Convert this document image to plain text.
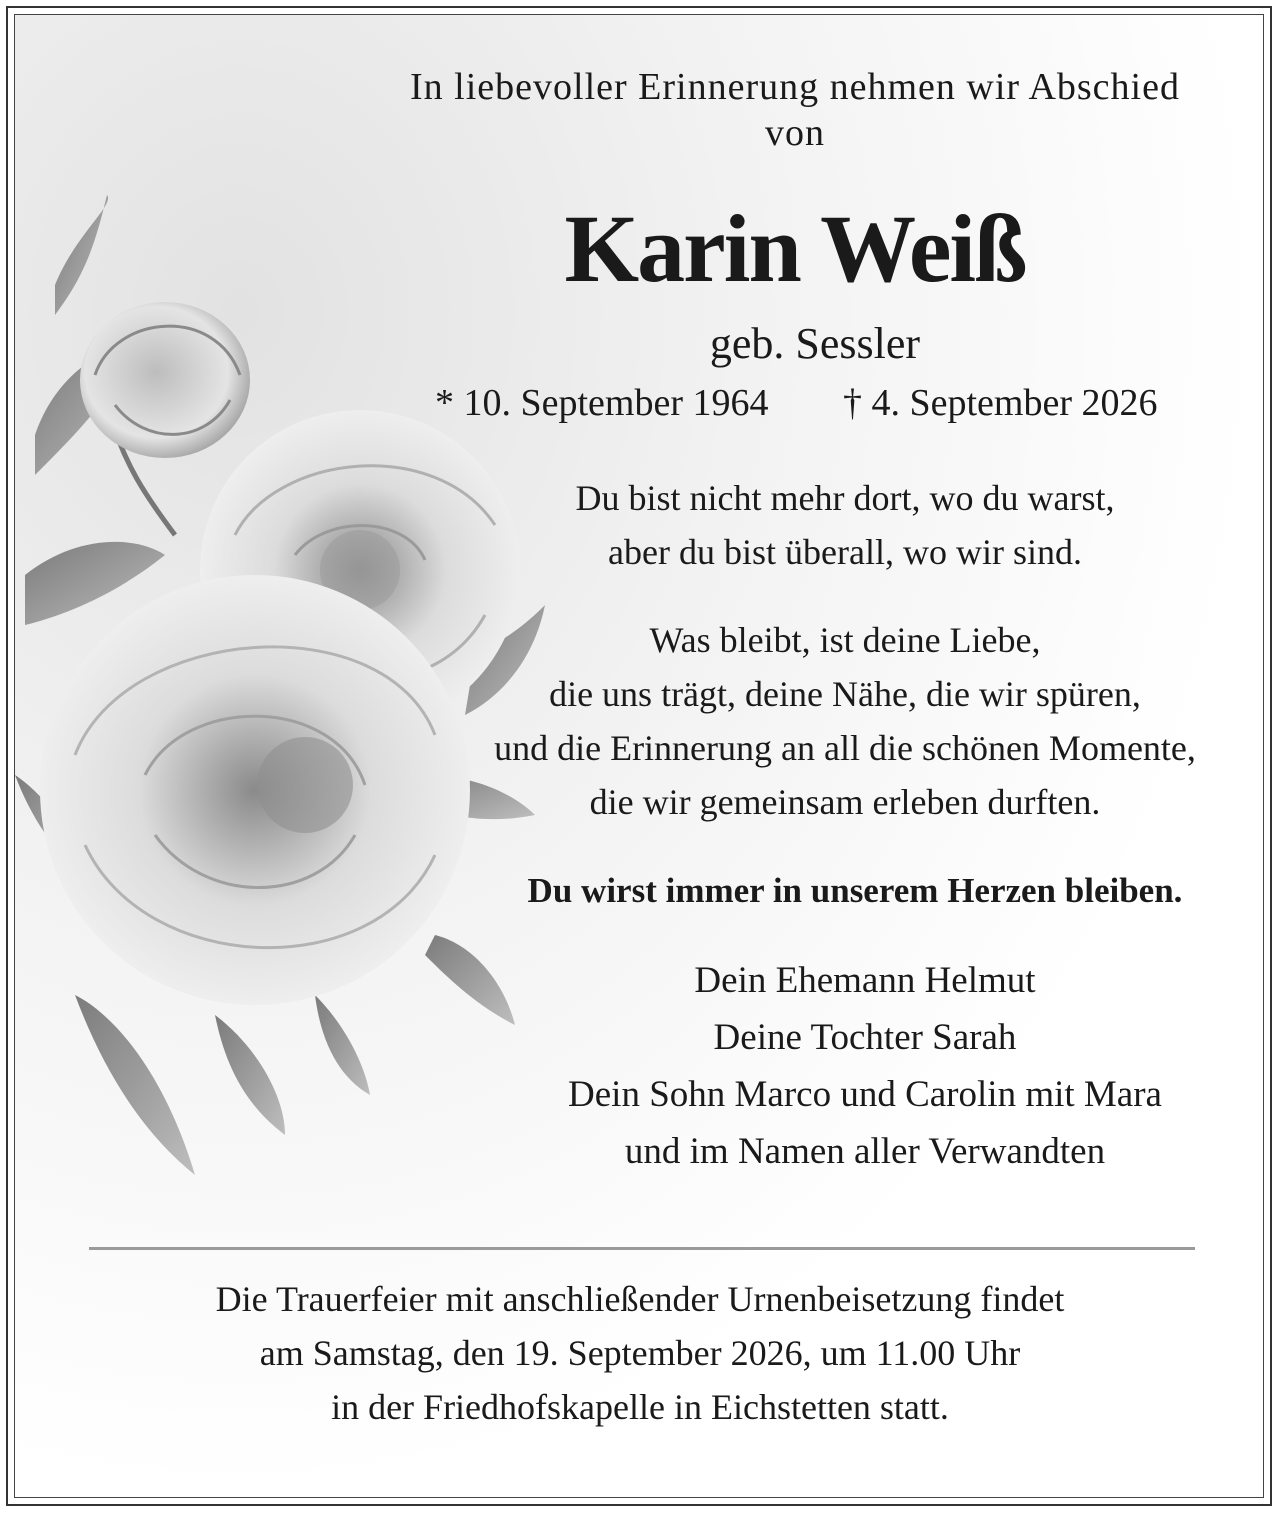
In liebevoller Erinnerung nehmen wir Abschied
von
Karin Weiß
geb. Sessler
* 10. September 1964	† 4. September 2026
Du bist nicht mehr dort, wo du warst,
aber du bist überall, wo wir sind.
Was bleibt, ist deine Liebe,
die uns trägt, deine Nähe, die wir spüren,
und die Erinnerung an all die schönen Momente,
die wir gemeinsam erleben durften.
Du wirst immer in unserem Herzen bleiben.
Dein Ehemann Helmut
Deine Tochter Sarah
Dein Sohn Marco und Carolin mit Mara
und im Namen aller Verwandten
Die Trauerfeier mit anschließender Urnenbeisetzung findet
am Samstag, den 19. September 2026, um 11.00 Uhr
in der Friedhofskapelle in Eichstetten statt.
